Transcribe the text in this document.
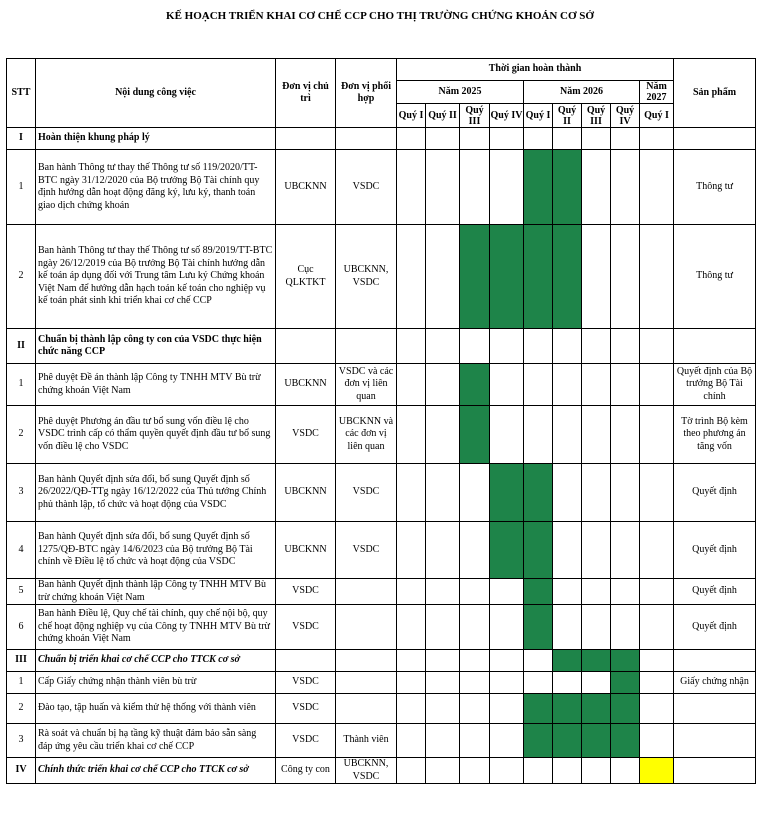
KẾ HOẠCH TRIỂN KHAI CƠ CHẾ CCP CHO THỊ TRƯỜNG CHỨNG KHOÁN CƠ SỞ
STT	Nội dung công việc	Đơn vị chủ trì	Đơn vị phối hợp	Thời gian hoàn thành									Sản phẩm
				Năm 2025				Năm 2026				Năm 2027	
				Quý I	Quý II	Quý III	Quý IV	Quý I	Quý II	Quý III	Quý IV	Quý I	
I	Hoàn thiện khung pháp lý												
1	Ban hành Thông tư thay thế Thông tư số 119/2020/TT-BTC ngày 31/12/2020 của Bộ trưởng Bộ Tài chính quy định hướng dẫn hoạt động đăng ký, lưu ký, thanh toán giao dịch chứng khoán	UBCKNN	VSDC										Thông tư
2	Ban hành Thông tư thay thế Thông tư số 89/2019/TT-BTC ngày 26/12/2019 của Bộ trưởng Bộ Tài chính hướng dẫn kế toán áp dụng đối với Trung tâm Lưu ký Chứng khoán Việt Nam để hướng dẫn hạch toán kế toán cho nghiệp vụ kế toán phát sinh khi triển khai cơ chế CCP	Cục QLKTKT	UBCKNN, VSDC										Thông tư
II	Chuẩn bị thành lập công ty con của VSDC thực hiện chức năng CCP												
1	Phê duyệt Đề án thành lập Công ty TNHH MTV Bù trừ chứng khoán Việt Nam	UBCKNN	VSDC và các đơn vị liên quan										Quyết định của Bộ trưởng Bộ Tài chính
2	Phê duyệt Phương án đầu tư bổ sung vốn điều lệ cho VSDC trình cấp có thẩm quyền quyết định đầu tư bổ sung vốn điều lệ cho VSDC	VSDC	UBCKNN và các đơn vị liên quan										Tờ trình Bộ kèm theo phương án tăng vốn
3	Ban hành Quyết định sửa đổi, bổ sung Quyết định số 26/2022/QĐ-TTg ngày 16/12/2022 của Thủ tướng Chính phủ thành lập, tổ chức và hoạt động của VSDC	UBCKNN	VSDC										Quyết định
4	Ban hành Quyết định sửa đổi, bổ sung Quyết định số 1275/QĐ-BTC ngày 14/6/2023 của Bộ trưởng Bộ Tài chính về Điều lệ tổ chức và hoạt động của VSDC	UBCKNN	VSDC										Quyết định
5	Ban hành Quyết định thành lập Công ty TNHH MTV Bù trừ chứng khoán Việt Nam	VSDC											Quyết định
6	Ban hành Điều lệ, Quy chế tài chính, quy chế nội bộ, quy chế hoạt động nghiệp vụ của Công ty TNHH MTV Bù trừ chứng khoán Việt Nam	VSDC											Quyết định
III	Chuẩn bị triển khai cơ chế CCP cho TTCK cơ sở												
1	Cấp Giấy chứng nhận thành viên bù trừ	VSDC											Giấy chứng nhận
2	Đào tạo, tập huấn và kiểm thử hệ thống với thành viên	VSDC											
3	Rà soát và chuẩn bị hạ tầng kỹ thuật đảm bảo sẵn sàng đáp ứng yêu cầu triển khai cơ chế CCP	VSDC	Thành viên										
IV	Chính thức triển khai cơ chế CCP cho TTCK cơ sở	Công ty con	UBCKNN, VSDC										
